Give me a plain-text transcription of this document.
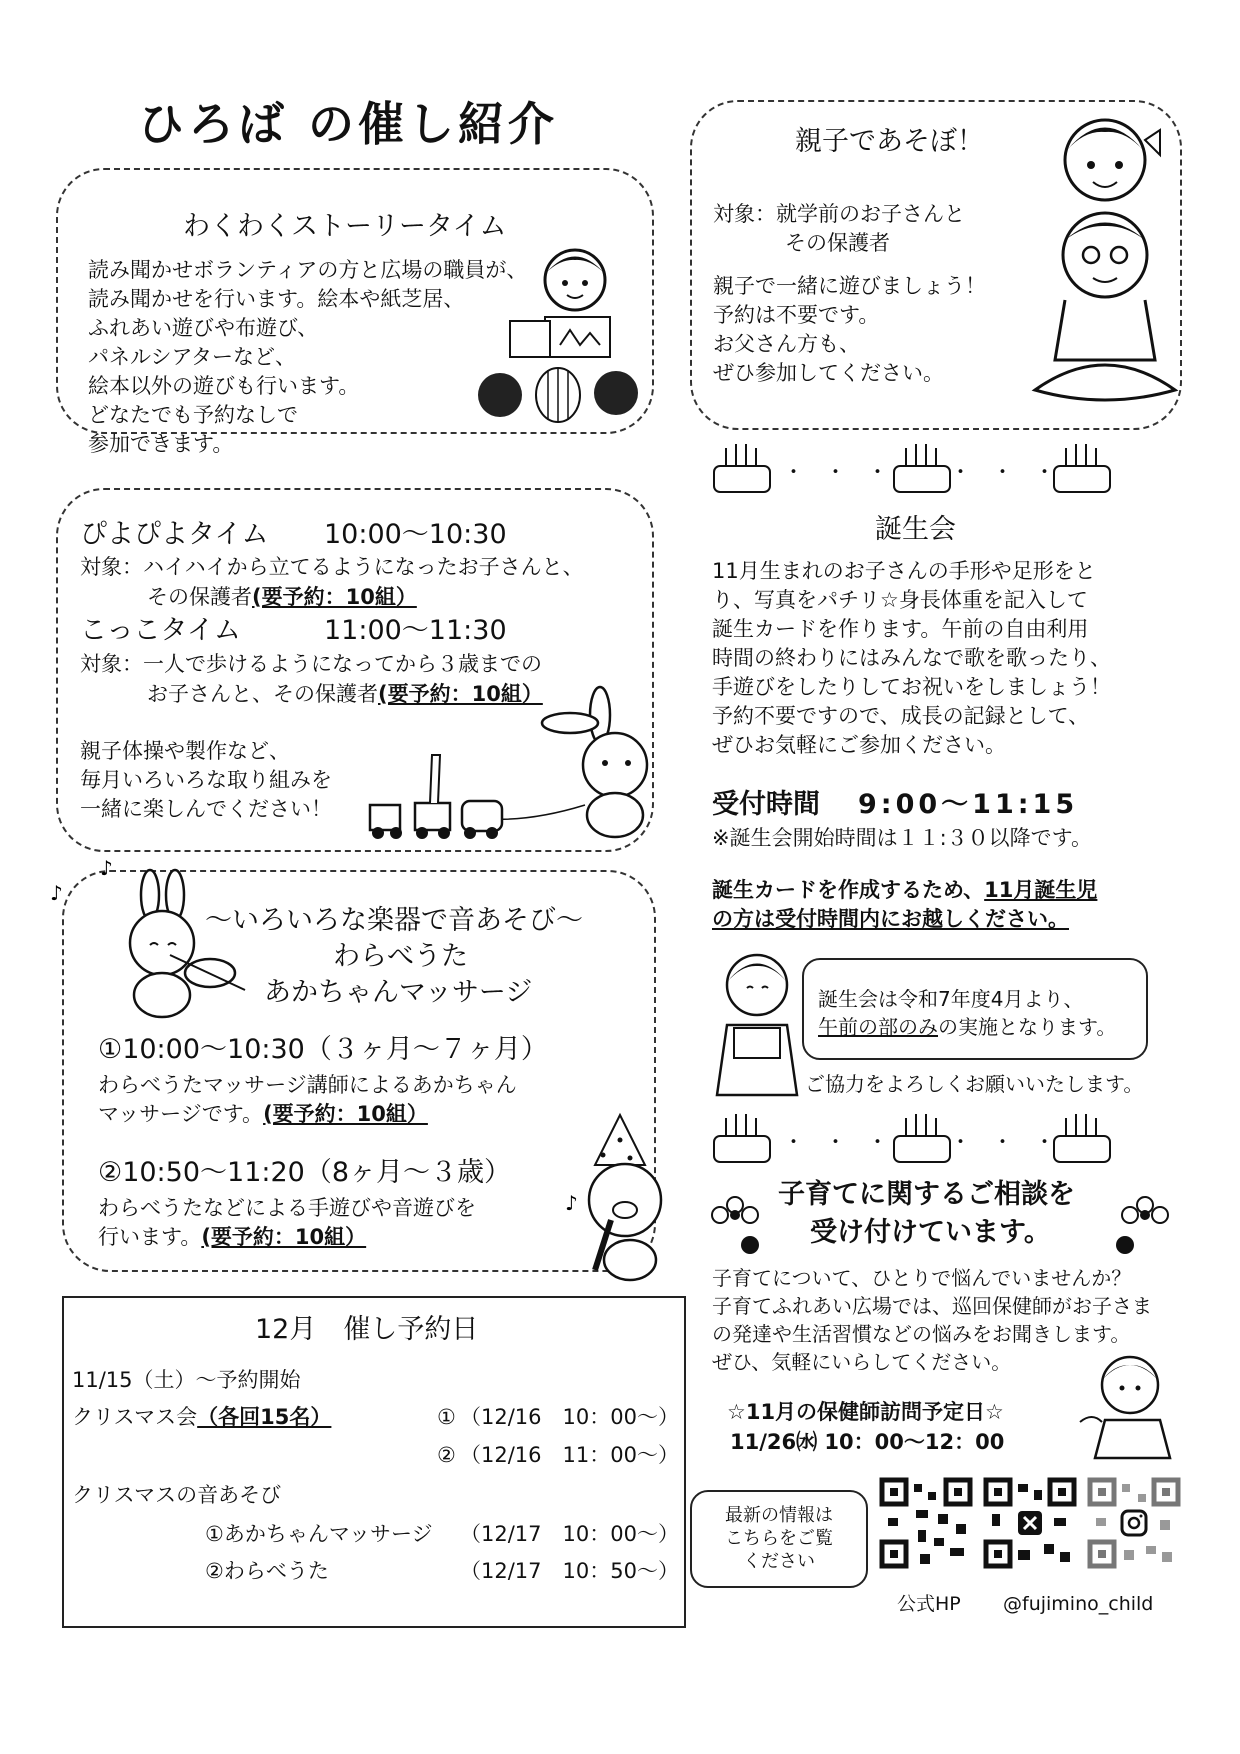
ひろば の催し紹介
わくわくストーリータイム
読み聞かせボランティアの方と広場の職員が、
読み聞かせを行います。絵本や紙芝居、
ふれあい遊びや布遊び、
パネルシアターなど、
絵本以外の遊びも行います。
どなたでも予約なしで
参加できます。
ぴよぴよタイム 10:00～10:30
対象：ハイハイから立てるようになったお子さんと、
その保護者(要予約：10組）
こっこタイム	11:00～11:30
対象：一人で歩けるようになってから３歳までの
お子さんと、その保護者(要予約：10組）
親子体操や製作など、
毎月いろいろな取り組みを
一緒に楽しんでください！
～いろいろな楽器で音あそび～
わらべうた
あかちゃんマッサージ
①10:00～10:30（３ヶ月～７ヶ月）
わらべうたマッサージ講師によるあかちゃん
マッサージです。(要予約：10組）
②10:50～11:20（8ヶ月～３歳）
わらべうたなどによる手遊びや音遊びを
行います。(要予約：10組）
♪
♪
♪
12月　催し予約日
11/15（土）～予約開始
クリスマス会（各回15名）	① （12/16　10：00～）
② （12/16　11：00～）
クリスマスの音あそび
①あかちゃんマッサージ （12/17　10：00～）
②わらべうた	（12/17　10：50～）
親子であそぼ！
対象：就学前のお子さんと
その保護者
親子で一緒に遊びましょう！
予約は不要です。
お父さん方も、
ぜひ参加してください。
・　・　・	・　・　・
誕生会
11月生まれのお子さんの手形や足形をと
り、写真をパチリ☆身長体重を記入して
誕生カードを作ります。午前の自由利用
時間の終わりにはみんなで歌を歌ったり、
手遊びをしたりしてお祝いをしましょう！
予約不要ですので、成長の記録として、
ぜひお気軽にご参加ください。
受付時間 9:00～11:15
※誕生会開始時間は１１:３０以降です。
誕生カードを作成するため、11月誕生児
の方は受付時間内にお越しください。
誕生会は令和7年度4月より、
午前の部のみの実施となります。
ご協力をよろしくお願いいたします。
・　・　・	・　・　・
子育てに関するご相談を
受け付けています。
子育てについて、ひとりで悩んでいませんか？
子育てふれあい広場では、巡回保健師がお子さま
の発達や生活習慣などの悩みをお聞きします。
ぜひ、気軽にいらしてください。
☆11月の保健師訪問予定日☆
11/26㈬ 10：00～12：00
最新の情報は
こちらをご覧
ください
公式HP @fujimino_child
